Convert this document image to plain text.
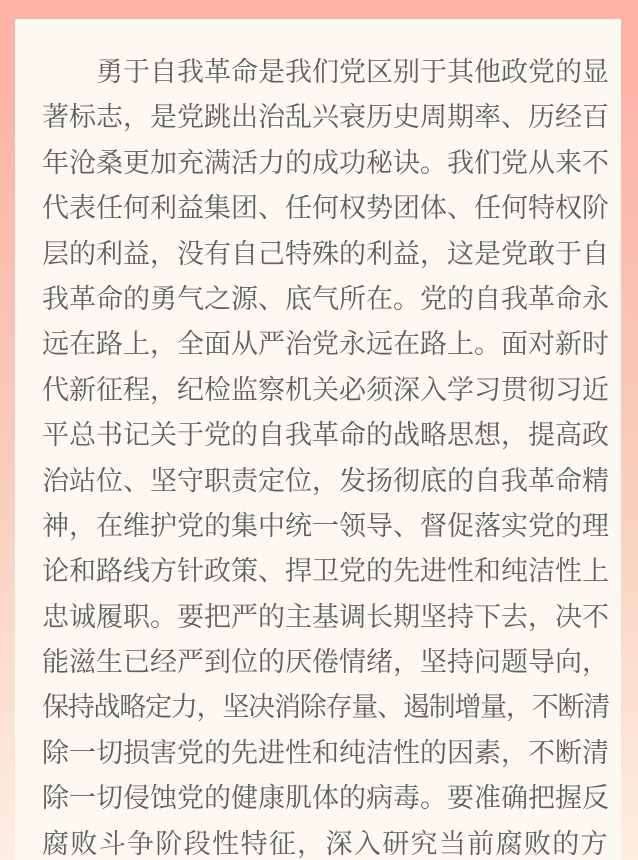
　　勇于自我革命是我们党区别于其他政党的显
著标志，是党跳出治乱兴衰历史周期率、历经百
年沧桑更加充满活力的成功秘诀。我们党从来不
代表任何利益集团、任何权势团体、任何特权阶
层的利益，没有自己特殊的利益，这是党敢于自
我革命的勇气之源、底气所在。党的自我革命永
远在路上，全面从严治党永远在路上。面对新时
代新征程，纪检监察机关必须深入学习贯彻习近
平总书记关于党的自我革命的战略思想，提高政
治站位、坚守职责定位，发扬彻底的自我革命精
神，在维护党的集中统一领导、督促落实党的理
论和路线方针政策、捍卫党的先进性和纯洁性上
忠诚履职。要把严的主基调长期坚持下去，决不
能滋生已经严到位的厌倦情绪，坚持问题导向，
保持战略定力，坚决消除存量、遏制增量，不断清
除一切损害党的先进性和纯洁性的因素，不断清
除一切侵蚀党的健康肌体的病毒。要准确把握反
腐败斗争阶段性特征，深入研究当前腐败的方
